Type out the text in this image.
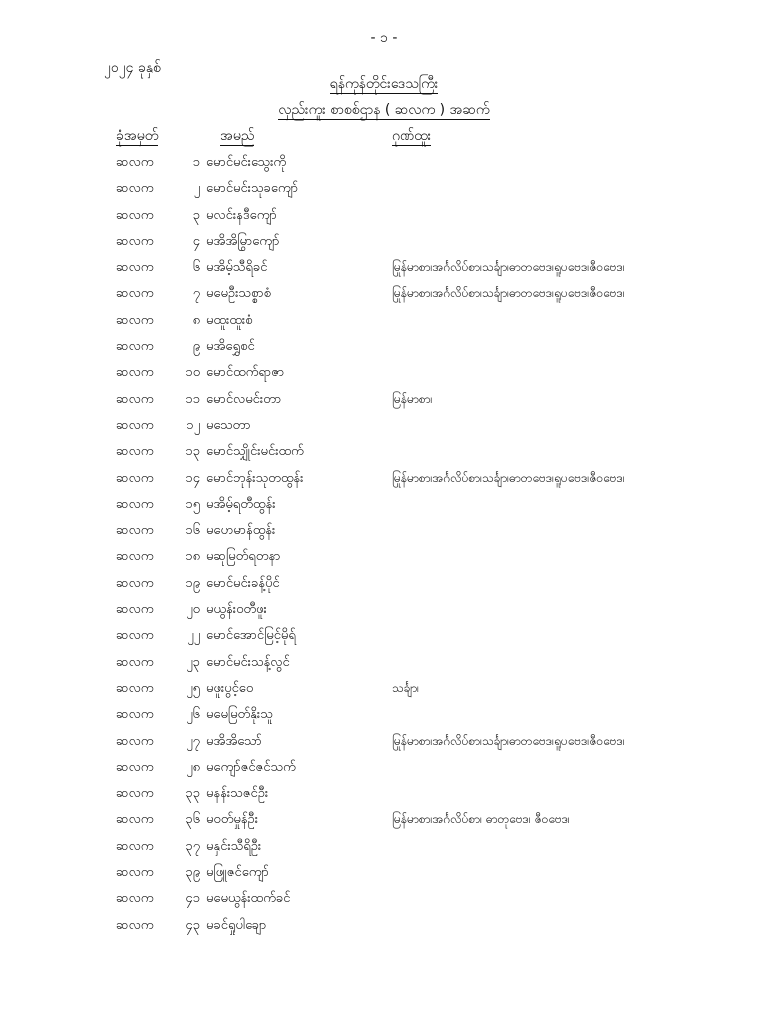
- ၁ -
၂၀၂၄ ခုနှစ်
ရန်ကုန်တိုင်းဒေသကြီး
လှည်းကူး စာစစ်ဌာန ( ဆလက ) အဆက်
ခုံအမှတ်	အမည်	ဂုဏ်ထူး
ဆလက	၁ မောင်မင်းသွေးကို
ဆလက	၂ မောင်မင်းသုခကျော်
ဆလက	၃ မလင်းနဒီကျော်
ဆလက	၄ မအိအိမြွာကျော်
ဆလက	၆ မအိမ့်သီရိခင်	မြန်မာစာ၊အင်္ဂလိပ်စာ၊သင်္ချာ၊ဓာတုဗေဒ၊ရူပဗေဒ၊ဇီဝဗေဒ၊
ဆလက	၇ မမေဦးသစ္စာစံ	မြန်မာစာ၊အင်္ဂလိပ်စာ၊သင်္ချာ၊ဓာတုဗေဒ၊ရူပဗေဒ၊ဇီဝဗေဒ၊
ဆလက	၈ မထူးထူးစံ
ဆလက	၉ မအိရွှေစင်
ဆလက	၁၀ မောင်ထက်ရာဇာ
ဆလက	၁၁ မောင်လမင်းတာ	မြန်မာစာ၊
ဆလက	၁၂ မသေတာ
ဆလက	၁၃ မောင်သျှိုင်းမင်းထက်
ဆလက	၁၄ မောင်ဘုန်းသုတထွန်း	မြန်မာစာ၊အင်္ဂလိပ်စာ၊သင်္ချာ၊ဓာတုဗေဒ၊ရူပဗေဒ၊ဇီဝဗေဒ၊
ဆလက	၁၅ မအိမ့်ရတီထွန်း
ဆလက	၁၆ မဟေမာန်ထွန်း
ဆလက	၁၈ မဆုမြတ်ရတနာ
ဆလက	၁၉ မောင်မင်းခန့်ပိုင်
ဆလက	၂၀ မယွန်းဝတီဖူး
ဆလက	၂၂ မောင်အောင်မြင့်မိုရ်
ဆလက	၂၃ မောင်မင်းသန့်လွင်
ဆလက	၂၅ မဖူးပွင့်ဝေ	သင်္ချာ၊
ဆလက	၂၆ မမေမြတ်နိုးသူ
ဆလက	၂၇ မအိအိသော်	မြန်မာစာ၊အင်္ဂလိပ်စာ၊သင်္ချာ၊ဓာတုဗေဒ၊ရူပဗေဒ၊ဇီဝဗေဒ၊
ဆလက	၂၈ မကျော်ဇင်ဇင်သက်
ဆလက	၃၃ မနန်းသဇင်ဦး
ဆလက	၃၆ မဝတ်မှုန်ဦး	မြန်မာစာ၊အင်္ဂလိပ်စာ၊ ဓာတုဗေဒ၊ ဇီဝဗေဒ၊
ဆလက	၃၇ မနှင်းသီရိဦး
ဆလက	၃၉ မဖြူဇင်ကျော်
ဆလက	၄၁ မမေယွန်းထက်ခင်
ဆလက	၄၃ မခင်ရှုပါချော
